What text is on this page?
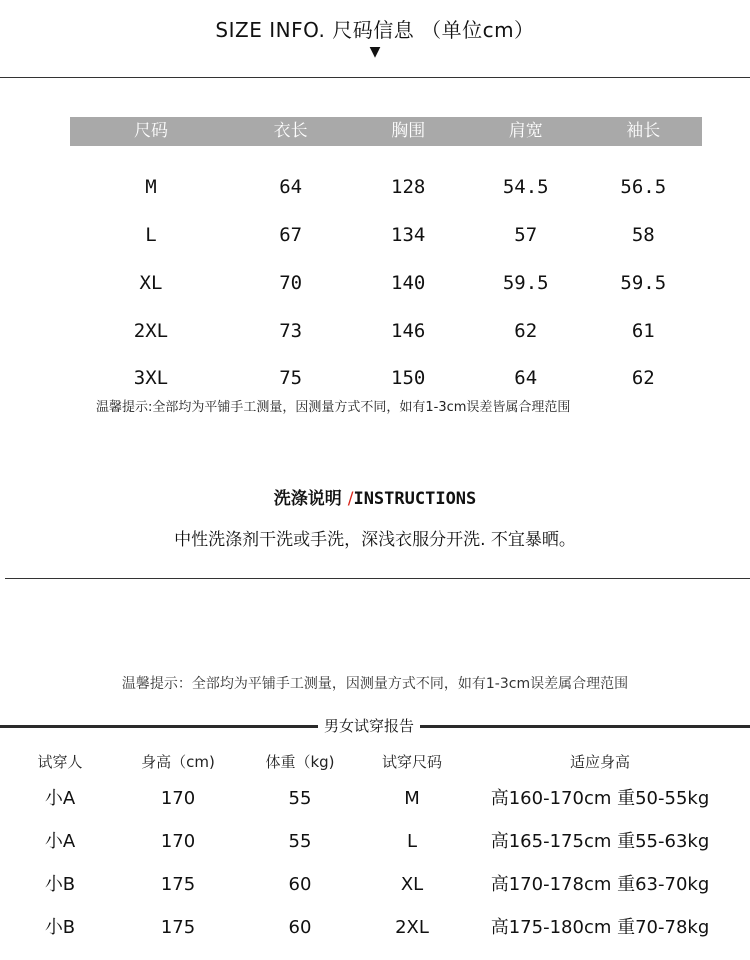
SIZE INFO. 尺码信息 （单位cm）
▼
尺码	衣长	胸围	肩宽	袖长
M	64	128	54.5	56.5
L	67	134	57	58
XL	70	140	59.5	59.5
2XL	73	146	62	61
3XL	75	150	64	62
温馨提示:全部均为平铺手工测量，因测量方式不同，如有1-3cm误差皆属合理范围
洗涤说明 /INSTRUCTIONS
中性洗涤剂干洗或手洗，深浅衣服分开洗. 不宜暴晒。
温馨提示：全部均为平铺手工测量，因测量方式不同，如有1-3cm误差属合理范围
男女试穿报告
试穿人	身高（cm)	体重（kg)	试穿尺码	适应身高
小A	170	55	M	高160-170cm 重50-55kg
小A	170	55	L	高165-175cm 重55-63kg
小B	175	60	XL	高170-178cm 重63-70kg
小B	175	60	2XL	高175-180cm 重70-78kg
